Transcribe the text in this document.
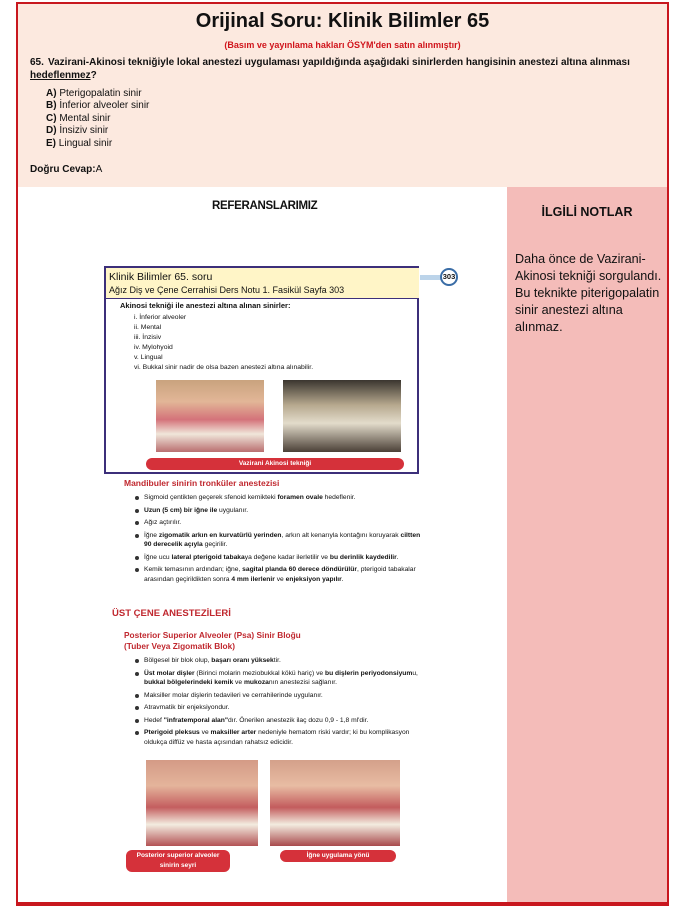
Orijinal Soru: Klinik Bilimler 65
(Basım ve yayınlama hakları ÖSYM'den satın alınmıştır)
65. Vazirani-Akinosi tekniğiyle lokal anestezi uygulaması yapıldığında aşağıdaki sinirlerden hangisinin anestezi altına alınması hedeflenmez?
A) Pterigopalatin sinir
B) İnferior alveoler sinir
C) Mental sinir
D) İnsiziv sinir
E) Lingual sinir
Doğru Cevap:A
REFERANSLARIMIZ
303
Klinik Bilimler 65. soru
Ağız Diş ve Çene Cerrahisi Ders Notu 1. Fasikül Sayfa 303
Akinosi tekniği ile anestezi altına alınan sinirler:
i. İnferior alveoler
ii. Mental
iii. İnzisiv
iv. Mylohyoid
v. Lingual
vi. Bukkal sinir nadir de olsa bazen anestezi altına alınabilir.
Vazirani Akinosi tekniği
Mandibuler sinirin tronküler anestezisi
Sigmoid çentikten geçerek sfenoid kemikteki foramen ovale hedeflenir.
Uzun (5 cm) bir iğne ile uygulanır.
Ağız açtırılır.
İğne zigomatik arkın en kurvatürlü yerinden, arkın alt kenarıyla kontağını koruyarak ciltten 90 derecelik açıyla geçirilir.
İğne ucu lateral pterigoid tabakaya değene kadar ilerletilir ve bu derinlik kaydedilir.
Kemik temasının ardından; iğne, sagital planda 60 derece döndürülür, pterigoid tabakalar arasından geçirildikten sonra 4 mm ilerlenir ve enjeksiyon yapılır.
ÜST ÇENE ANESTEZİLERİ
Posterior Superior Alveoler (Psa) Sinir Bloğu
(Tuber Veya Zigomatik Blok)
Bölgesel bir blok olup, başarı oranı yüksektir.
Üst molar dişler (Birinci molarin meziobukkal kökü hariç) ve bu dişlerin periyodonsiyumu, bukkal bölgelerindeki kemik ve mukozanın anestezisi sağlanır.
Maksiller molar dişlerin tedavileri ve cerrahilerinde uygulanır.
Atravmatik bir enjeksiyondur.
Hedef "infratemporal alan"dır. Önerilen anestezik ilaç dozu 0,9 - 1,8 ml'dir.
Pterigoid pleksus ve maksiller arter nedeniyle hematom riski vardır; ki bu komplikasyon oldukça diffüz ve hasta açısından rahatsız edicidir.
Posterior superior alveoler sinirin seyri
İğne uygulama yönü
İLGİLİ NOTLAR
Daha önce de Vazirani-Akinosi tekniği sorgulandı. Bu teknikte piterigopalatin sinir anestezi altına alınmaz.
